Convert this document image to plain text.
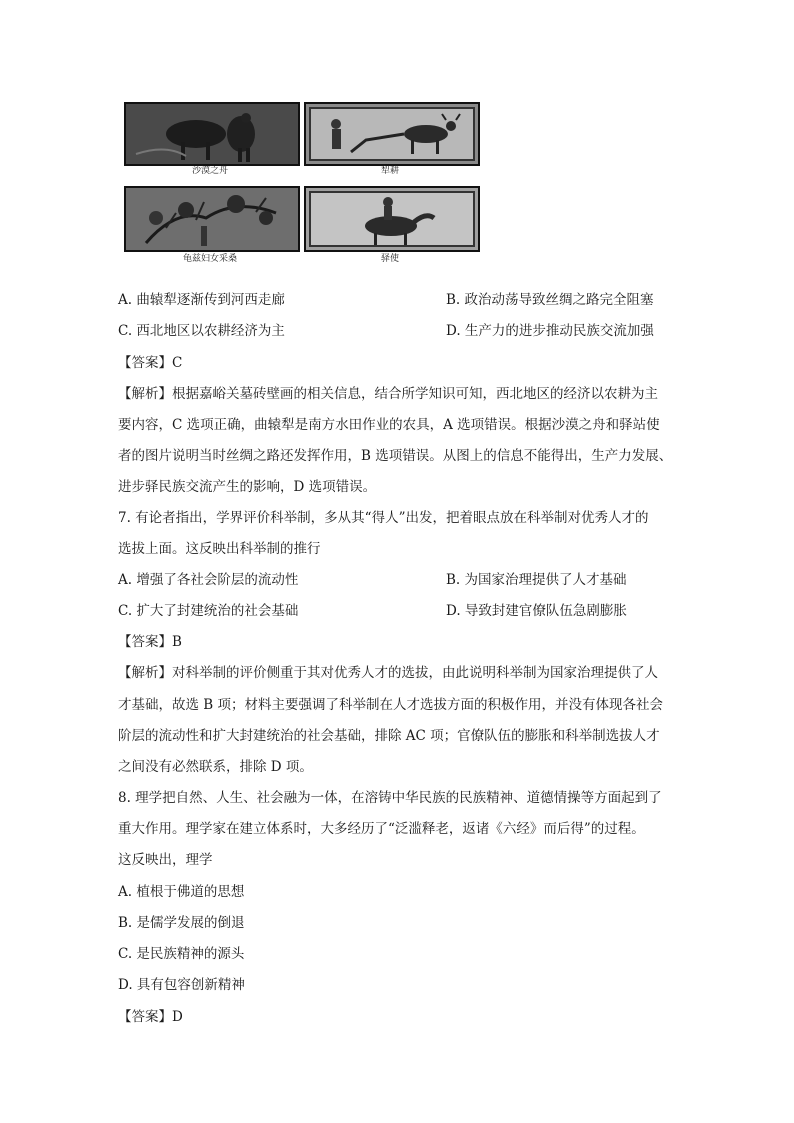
沙漠之舟	犁耕
龟兹妇女采桑	驿使
A. 曲辕犁逐渐传到河西走廊	B. 政治动荡导致丝绸之路完全阻塞
C. 西北地区以农耕经济为主	D. 生产力的进步推动民族交流加强
【答案】C
【解析】根据嘉峪关墓砖壁画的相关信息，结合所学知识可知，西北地区的经济以农耕为主
要内容，C 选项正确，曲辕犁是南方水田作业的农具，A 选项错误。根据沙漠之舟和驿站使
者的图片说明当时丝绸之路还发挥作用，B 选项错误。从图上的信息不能得出，生产力发展、
进步驿民族交流产生的影响，D 选项错误。
7. 有论者指出，学界评价科举制，多从其“得人”出发，把着眼点放在科举制对优秀人才的
选拔上面。这反映出科举制的推行
A. 增强了各社会阶层的流动性	B. 为国家治理提供了人才基础
C. 扩大了封建统治的社会基础	D. 导致封建官僚队伍急剧膨胀
【答案】B
【解析】对科举制的评价侧重于其对优秀人才的选拔，由此说明科举制为国家治理提供了人
才基础，故选 B 项；材料主要强调了科举制在人才选拔方面的积极作用，并没有体现各社会
阶层的流动性和扩大封建统治的社会基础，排除 AC 项；官僚队伍的膨胀和科举制选拔人才
之间没有必然联系，排除 D 项。
8. 理学把自然、人生、社会融为一体，在溶铸中华民族的民族精神、道德情操等方面起到了
重大作用。理学家在建立体系时，大多经历了“泛滥释老，返诸《六经》而后得”的过程。
这反映出，理学
A. 植根于佛道的思想
B. 是儒学发展的倒退
C. 是民族精神的源头
D. 具有包容创新精神
【答案】D
